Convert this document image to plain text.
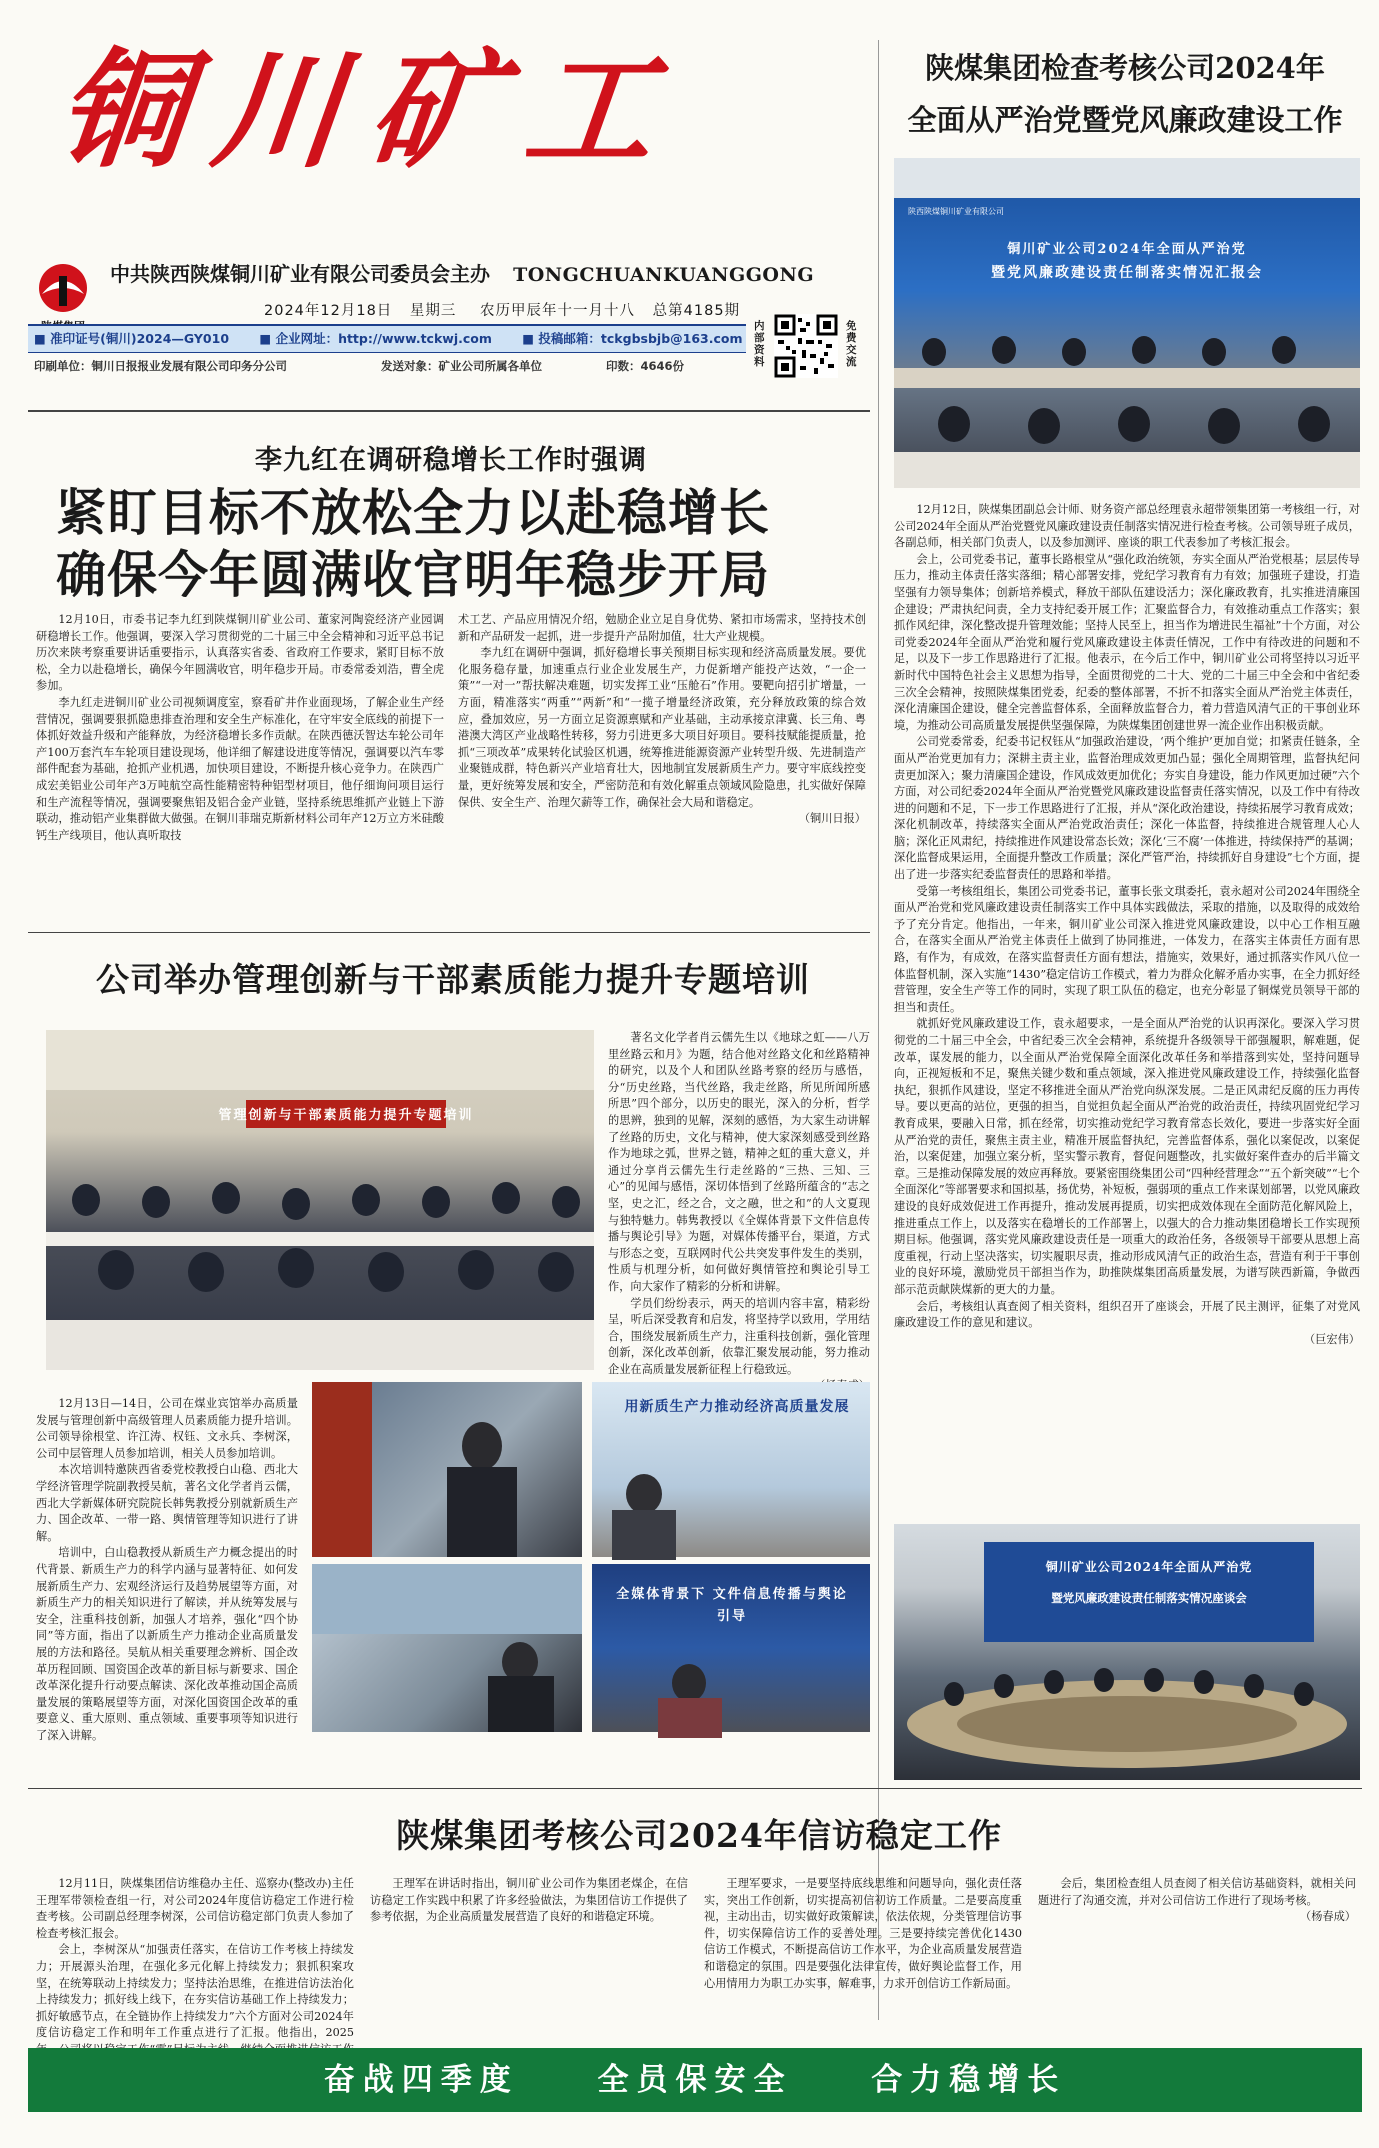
铜川矿工
中共陕西陕煤铜川矿业有限公司委员会主办 TONGCHUANKUANGGONG
2024年12月18日 星期三 农历甲辰年十一月十八 总第4185期
■ 准印证号(铜川)2024—GY010 ■ 企业网址：http://www.tckwj.com ■ 投稿邮箱：tckgbsbjb@163.com
印刷单位：铜川日报报业发展有限公司印务分公司	发送对象：矿业公司所属各单位	印数：4646份
内部资料
免费交流
李九红在调研稳增长工作时强调
紧盯目标不放松全力以赴稳增长
确保今年圆满收官明年稳步开局

12月10日，市委书记李九红到陕煤铜川矿业公司、董家河陶瓷经济产业园调研稳增长工作。他强调，要深入学习贯彻党的二十届三中全会精神和习近平总书记历次来陕考察重要讲话重要指示，认真落实省委、省政府工作要求，紧盯目标不放松，全力以赴稳增长，确保今年圆满收官，明年稳步开局。市委常委刘浩，曹全虎参加。

李九红走进铜川矿业公司视频调度室，察看矿井作业面现场，了解企业生产经营情况，强调要狠抓隐患排查治理和安全生产标准化，在守牢安全底线的前提下一体抓好效益升级和产能释放，为经济稳增长多作贡献。在陕西德沃智达车轮公司年产100万套汽车车轮项目建设现场，他详细了解建设进度等情况，强调要以汽车零部件配套为基础，抢抓产业机遇，加快项目建设，不断提升核心竞争力。在陕西广成宏美铝业公司年产3万吨航空高性能精密特种铝型材项目，他仔细询问项目运行和生产流程等情况，强调要聚焦铝及铝合金产业链，坚持系统思维抓产业链上下游联动，推动铝产业集群做大做强。在铜川菲瑞克斯新材料公司年产12万立方米硅酸钙生产线项目，他认真听取技

术工艺、产品应用情况介绍，勉励企业立足自身优势、紧扣市场需求，坚持技术创新和产品研发一起抓，进一步提升产品附加值，壮大产业规模。

李九红在调研中强调，抓好稳增长事关预期目标实现和经济高质量发展。要优化服务稳存量，加速重点行业企业发展生产，力促新增产能投产达效，“一企一策”“一对一”帮扶解决难题，切实发挥工业“压舱石”作用。要靶向招引扩增量，一方面，精准落实“两重”“两新”和“一揽子增量经济政策，充分释放政策的综合效应，叠加效应，另一方面立足资源禀赋和产业基础，主动承接京津冀、长三角、粤港澳大湾区产业战略性转移，努力引进更多大项目好项目。要科技赋能提质量，抢抓“三项改革”成果转化试验区机遇，统筹推进能源资源产业转型升级、先进制造产业聚链成群，特色新兴产业培育壮大，因地制宜发展新质生产力。要守牢底线控变量，更好统筹发展和安全，严密防范和有效化解重点领域风险隐患，扎实做好保障保供、安全生产、治理欠薪等工作，确保社会大局和谐稳定。

（铜川日报）

公司举办管理创新与干部素质能力提升专题培训
管理创新与干部素质能力提升专题培训

著名文化学者肖云儒先生以《地球之虹——八万里丝路云和月》为题，结合他对丝路文化和丝路精神的研究，以及个人和团队丝路考察的经历与感悟，分“历史丝路，当代丝路，我走丝路，所见所闻所感所思”四个部分，以历史的眼光，深入的分析，哲学的思辨，独到的见解，深刻的感悟，为大家生动讲解了丝路的历史，文化与精神，使大家深刻感受到丝路作为地球之弧，世界之链，精神之虹的重大意义，并通过分享肖云儒先生行走丝路的“三热、三知、三心”的见闻与感悟，深切体悟到了丝路所蕴含的“志之坚，史之汇，经之合，文之融，世之和”的人文夏现与独特魅力。韩隽教授以《全媒体背景下文件信息传播与舆论引导》为题，对媒体传播平台，渠道，方式与形态之变，互联网时代公共突发事件发生的类别，性质与机理分析，如何做好舆情管控和舆论引导工作，向大家作了精彩的分析和讲解。

学员们纷纷表示，两天的培训内容丰富，精彩纷呈，听后深受教育和启发，将坚持学以致用，学用结合，围绕发展新质生产力，注重科技创新，强化管理创新，深化改革创新，依靠汇聚发展动能，努力推动企业在高质量发展新征程上行稳致远。

12月13日—14日，公司在煤业宾馆举办高质量发展与管理创新中高级管理人员素质能力提升培训。公司领导徐根堂、许江涛、权钰、文永兵、李树深，公司中层管理人员参加培训，相关人员参加培训。

本次培训特邀陕西省委党校教授白山稳、西北大学经济管理学院副教授吴航，著名文化学者肖云儒，西北大学新媒体研究院院长韩隽教授分别就新质生产力、国企改革、一带一路、舆情管理等知识进行了讲解。

培训中，白山稳教授从新质生产力概念提出的时代背景、新质生产力的科学内涵与显著特征、如何发展新质生产力、宏观经济运行及趋势展望等方面，对新质生产力的相关知识进行了解读，并从统筹发展与安全，注重科技创新，加强人才培养，强化“四个协同”等方面，指出了以新质生产力推动企业高质量发展的方法和路径。吴航从相关重要理念辨析、国企改革历程回顾、国资国企改革的新目标与新要求、国企改革深化提升行动要点解读、深化改革推动国企高质量发展的策略展望等方面，对深化国资国企改革的重要意义、重大原则、重点领域、重要事项等知识进行了深入讲解。

用新质生产力推动经济高质量发展
全媒体背景下 文件信息传播与舆论引导
陕煤集团检查考核公司2024年
全面从严治党暨党风廉政建设工作
陕西陕煤铜川矿业有限公司
铜川矿业公司2024年全面从严治党
暨党风廉政建设责任制落实情况汇报会

12月12日，陕煤集团副总会计师、财务资产部总经理袁永超带领集团第一考核组一行，对公司2024年全面从严治党暨党风廉政建设责任制落实情况进行检查考核。公司领导班子成员，各副总师，相关部门负责人，以及参加测评、座谈的职工代表参加了考核汇报会。

会上，公司党委书记，董事长路根堂从“强化政治统领，夯实全面从严治党根基；层层传导压力，推动主体责任落实落细；精心部署安排，党纪学习教育有力有效；加强班子建设，打造坚强有力领导集体；创新培养模式，释放干部队伍建设活力；深化廉政教育，扎实推进清廉国企建设；严肃执纪问责，全力支持纪委开展工作；汇聚监督合力，有效推动重点工作落实；狠抓作风纪律，深化整改提升管理效能；坚持人民至上，担当作为增进民生福祉”十个方面，对公司党委2024年全面从严治党和履行党风廉政建设主体责任情况，工作中有待改进的问题和不足，以及下一步工作思路进行了汇报。他表示，在今后工作中，铜川矿业公司将坚持以习近平新时代中国特色社会主义思想为指导，全面贯彻党的二十大、党的二十届三中全会和中省纪委三次全会精神，按照陕煤集团党委，纪委的整体部署，不折不扣落实全面从严治党主体责任，深化清廉国企建设，健全完善监督体系，全面释放监督合力，着力营造风清气正的干事创业环境，为推动公司高质量发展提供坚强保障，为陕煤集团创建世界一流企业作出积极贡献。

公司党委常委，纪委书记权钰从“加强政治建设，‘两个维护’更加自觉；扣紧责任链条，全面从严治党更加有力；深耕主责主业，监督治理成效更加凸显；强化全周期管理，监督执纪问责更加深入；聚力清廉国企建设，作风成效更加优化；夯实自身建设，能力作风更加过硬”六个方面，对公司纪委2024年全面从严治党暨党风廉政建设监督责任落实情况，以及工作中有待改进的问题和不足，下一步工作思路进行了汇报，并从“深化政治建设，持续拓展学习教育成效；深化机制改革，持续落实全面从严治党政治责任；深化一体监督，持续推进合规管理人心人脑；深化正风肃纪，持续推进作风建设常态长效；深化‘三不腐’一体推进，持续保持严的基调；深化监督成果运用，全面提升整改工作质量；深化严管严治，持续抓好自身建设”七个方面，提出了进一步落实纪委监督责任的思路和举措。

受第一考核组组长，集团公司党委书记，董事长张文琪委托，袁永超对公司2024年围绕全面从严治党和党风廉政建设责任制落实工作中具体实践做法，采取的措施，以及取得的成效给予了充分肯定。他指出，一年来，铜川矿业公司深入推进党风廉政建设，以中心工作相互融合，在落实全面从严治党主体责任上做到了协同推进，一体发力，在落实主体责任方面有思路，有作为，有成效，在落实监督责任方面有想法，措施实，效果好，通过抓落实作风八位一体监督机制，深入实施“1430”稳定信访工作模式，着力为群众化解矛盾办实事，在全力抓好经营管理，安全生产等工作的同时，实现了职工队伍的稳定，也充分彰显了铜煤党员领导干部的担当和责任。

就抓好党风廉政建设工作，袁永超要求，一是全面从严治党的认识再深化。要深入学习贯彻党的二十届三中全会，中省纪委三次全会精神，系统提升各级领导干部强履职，解难题，促改革，谋发展的能力，以全面从严治党保障全面深化改革任务和举措落到实处，坚持问题导向，正视短板和不足，聚焦关键少数和重点领域，深入推进党风廉政建设工作，持续强化监督执纪，狠抓作风建设，坚定不移推进全面从严治党向纵深发展。二是正风肃纪反腐的压力再传导。要以更高的站位，更强的担当，自觉担负起全面从严治党的政治责任，持续巩固党纪学习教育成果，要融入日常，抓在经常，切实推动党纪学习教育常态长效化，要进一步落实好全面从严治党的责任，聚焦主责主业，精准开展监督执纪，完善监督体系，强化以案促改，以案促治，以案促建，加强立案分析，坚实警示教育，督促问题整改，扎实做好案件查办的后半篇文章。三是推动保障发展的效应再释放。要紧密围绕集团公司“四种经营理念”“五个新突破”“七个全面深化”等部署要求和国拟基，扬优势，补短板，强弱项的重点工作来谋划部署，以党风廉政建设的良好成效促进工作再提升，推动发展再提质，切实把成效体现在全面防范化解风险上，推进重点工作上，以及落实在稳增长的工作部署上，以强大的合力推动集团稳增长工作实现预期目标。他强调，落实党风廉政建设责任是一项重大的政治任务，各级领导干部要从思想上高度重视，行动上坚决落实，切实履职尽责，推动形成风清气正的政治生态，营造有利于干事创业的良好环境，激励党员干部担当作为，助推陕煤集团高质量发展，为谱写陕西新篇，争做西部示范贡献陕煤新的更大的力量。

会后，考核组认真查阅了相关资料，组织召开了座谈会，开展了民主测评，征集了对党风廉政建设工作的意见和建议。

（巨宏伟）

铜川矿业公司2024年全面从严治党
暨党风廉政建设责任制落实情况座谈会
陕煤集团考核公司2024年信访稳定工作

12月11日，陕煤集团信访维稳办主任、巡察办(整改办)主任王理军带领检查组一行，对公司2024年度信访稳定工作进行检查考核。公司副总经理李树深，公司信访稳定部门负责人参加了检查考核汇报会。

会上，李树深从“加强责任落实，在信访工作考核上持续发力；开展源头治理，在强化多元化解上持续发力；狠抓积案攻坚，在统筹联动上持续发力；坚持法治思维，在推进信访法治化上持续发力；抓好线上线下，在夯实信访基础工作上持续发力；抓好敏感节点，在全链协作上持续发力”六个方面对公司2024年度信访稳定工作和明年工作重点进行了汇报。他指出，2025

王理军在讲话时指出，铜川矿业公司作为集团老煤企，在信访稳定工作实践中积累了许多经验做法，为集团信访工作提供了参考依据，为企业高质量发展营造了良好的和谐稳定环境。

王理军要求，一是要坚持底线思维和问题导向，强化责任落实，突出工作创新，切实提高初信初访工作质量。二是要高度重视，主动出击，切实做好政策解读，依法依规，分类管理信访事件，切实保障信访工作的妥善处理。三是要持续完善优化1430信访工作模式，不断提高信访工作水平，为企业高质量发展营造和谐稳定的氛围。四是要强化法律宣传，做好舆论监督工作，用心用情用力为职工办实事，解难事，力求开创信访工作新局面。

会后，集团检查组人员查阅了相关信访基础资料，就相关问题进行了沟通交流，并对公司信访工作进行了现场考核。

（杨春成）

奋战四季度	全员保安全	合力稳增长
